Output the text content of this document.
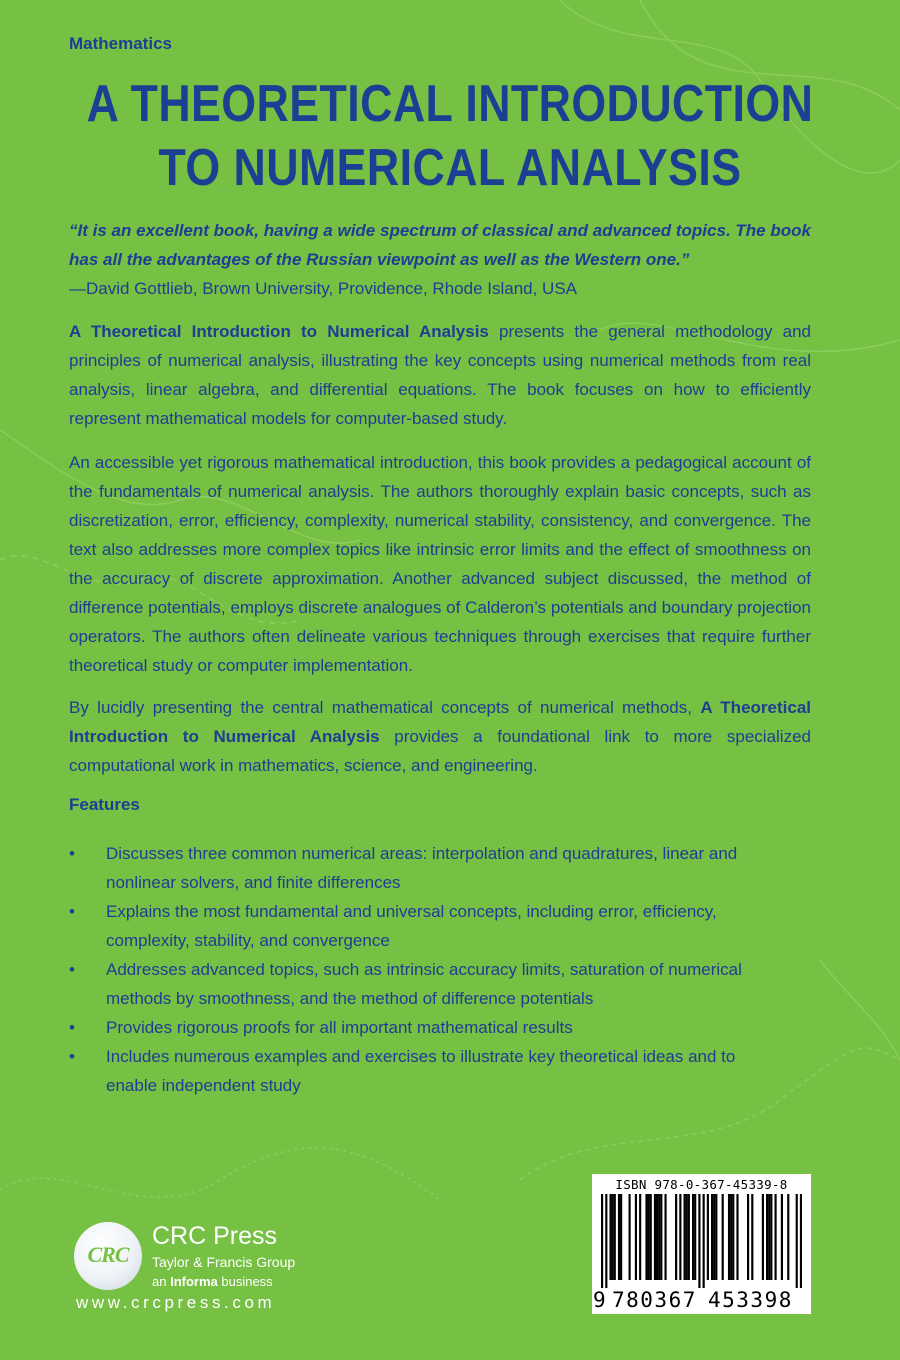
Mathematics
A THEORETICAL INTRODUCTION
TO NUMERICAL ANALYSIS

“It is an excellent book, having a wide spectrum of classical and advanced topics. The book has all the advantages of the Russian viewpoint as well as the Western one.”

—David Gottlieb, Brown University, Providence, Rhode Island, USA

A Theoretical Introduction to Numerical Analysis presents the general methodology and principles of numerical analysis, illustrating the key concepts using numerical methods from real analysis, linear algebra, and differential equations. The book focuses on how to efficiently represent mathematical models for computer-based study.

An accessible yet rigorous mathematical introduction, this book provides a pedagogical account of the fundamentals of numerical analysis. The authors thoroughly explain basic concepts, such as discretization, error, efficiency, complexity, numerical stability, consistency, and convergence. The text also addresses more complex topics like intrinsic error limits and the effect of smoothness on the accuracy of discrete approximation. Another advanced subject discussed, the method of difference potentials, employs discrete analogues of Calderon’s potentials and boundary projection operators. The authors often delineate various techniques through exercises that require further theoretical study or computer implementation.

By lucidly presenting the central mathematical concepts of numerical methods, A Theoretical Introduction to Numerical Analysis provides a foundational link to more specialized computational work in mathematics, science, and engineering.

Features
• Discusses three common numerical areas: interpolation and quadratures, linear and nonlinear solvers, and finite differences
• Explains the most fundamental and universal concepts, including error, efficiency, complexity, stability, and convergence
• Addresses advanced topics, such as intrinsic accuracy limits, saturation of numerical methods by smoothness, and the method of difference potentials
• Provides rigorous proofs for all important mathematical results
• Includes numerous examples and exercises to illustrate key theoretical ideas and to enable independent study
CRC
CRC Press
Taylor & Francis Group
an Informa business
www.crcpress.com
ISBN 978-0-367-45339-8
9 780367 453398
